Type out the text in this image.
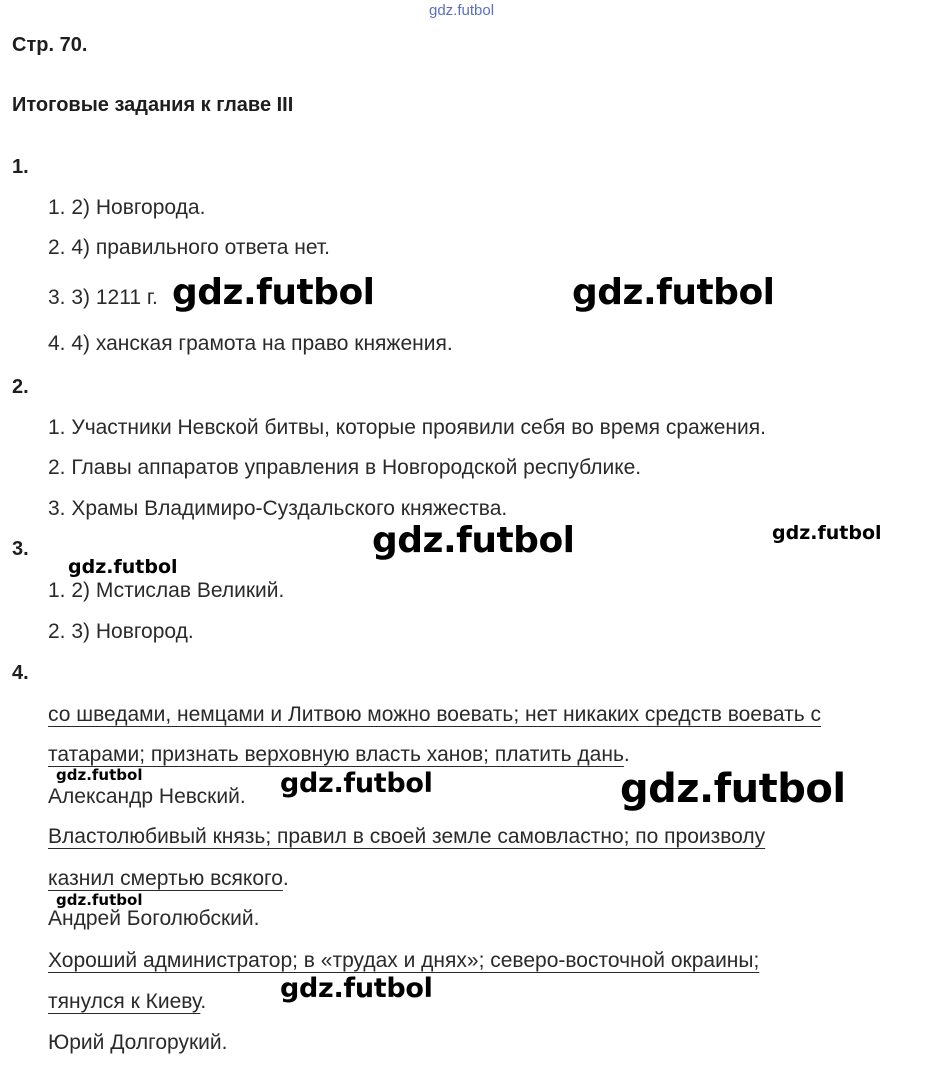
gdz.futbol
Стр. 70.
Итоговые задания к главе III
1.
1. 2) Новгорода.
2. 4) правильного ответа нет.
3. 3) 1211 г.
4. 4) ханская грамота на право княжения.
2.
1. Участники Невской битвы, которые проявили себя во время сражения.
2. Главы аппаратов управления в Новгородской республике.
3. Храмы Владимиро-Суздальского княжества.
3.
1. 2) Мстислав Великий.
2. 3) Новгород.
4.
со шведами, немцами и Литвою можно воевать; нет никаких средств воевать с
татарами; признать верховную власть ханов; платить дань.
Александр Невский.
Властолюбивый князь; правил в своей земле самовластно; по произволу
казнил смертью всякого.
Андрей Боголюбский.
Хороший администратор; в «трудах и днях»; северо-восточной окраины;
тянулся к Киеву.
Юрий Долгорукий.
gdz.futbol	gdz.futbol
gdz.futbol	gdz.futbol
gdz.futbol
gdz.futbol	gdz.futbol	gdz.futbol
gdz.futbol
gdz.futbol
